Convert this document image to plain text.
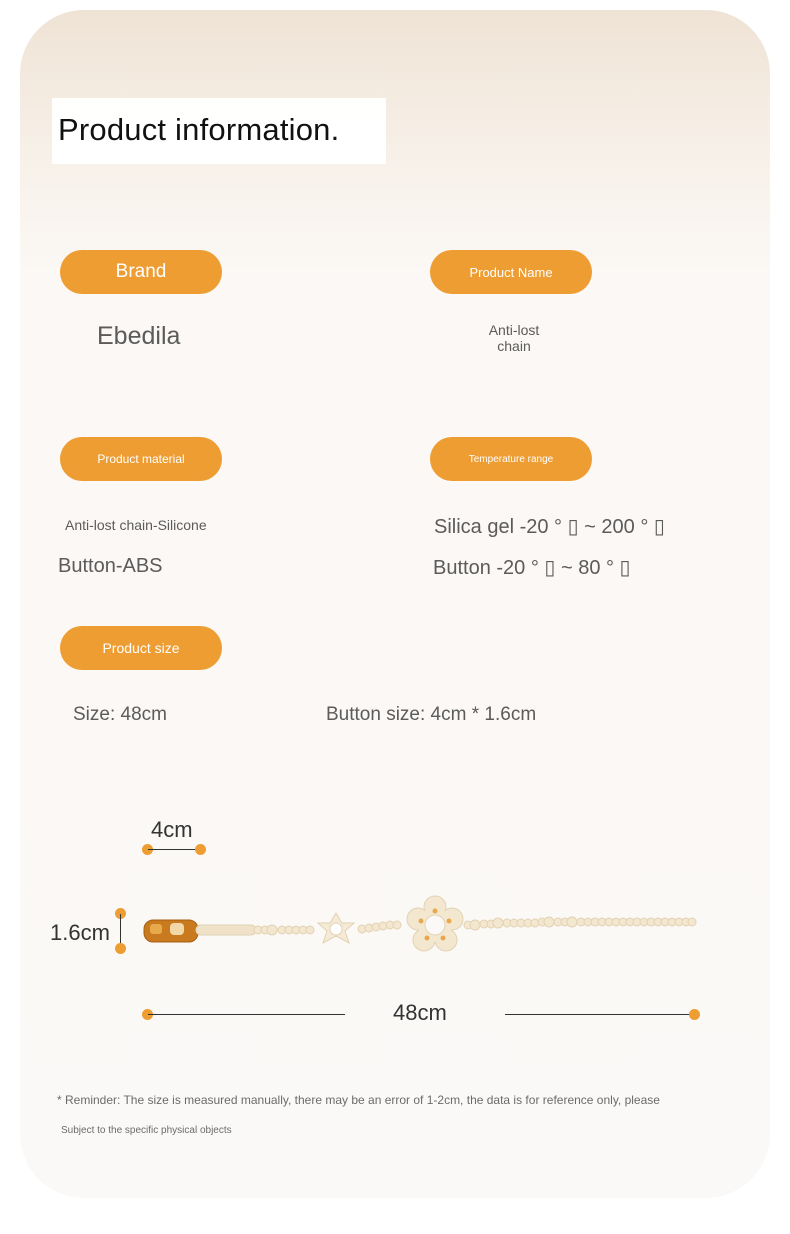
Product information.
Brand
Ebedila
Product Name
Anti-lost
chain
Product material
Anti-lost chain-Silicone
Button-ABS
Temperature range
Silica gel -20 ° ▯ ~ 200 ° ▯
Button -20 ° ▯ ~ 80 ° ▯
Product size
Size: 48cm	Button size: 4cm * 1.6cm
4cm
1.6cm
48cm
* Reminder: The size is measured manually, there may be an error of 1-2cm, the data is for reference only, please
Subject to the specific physical objects
